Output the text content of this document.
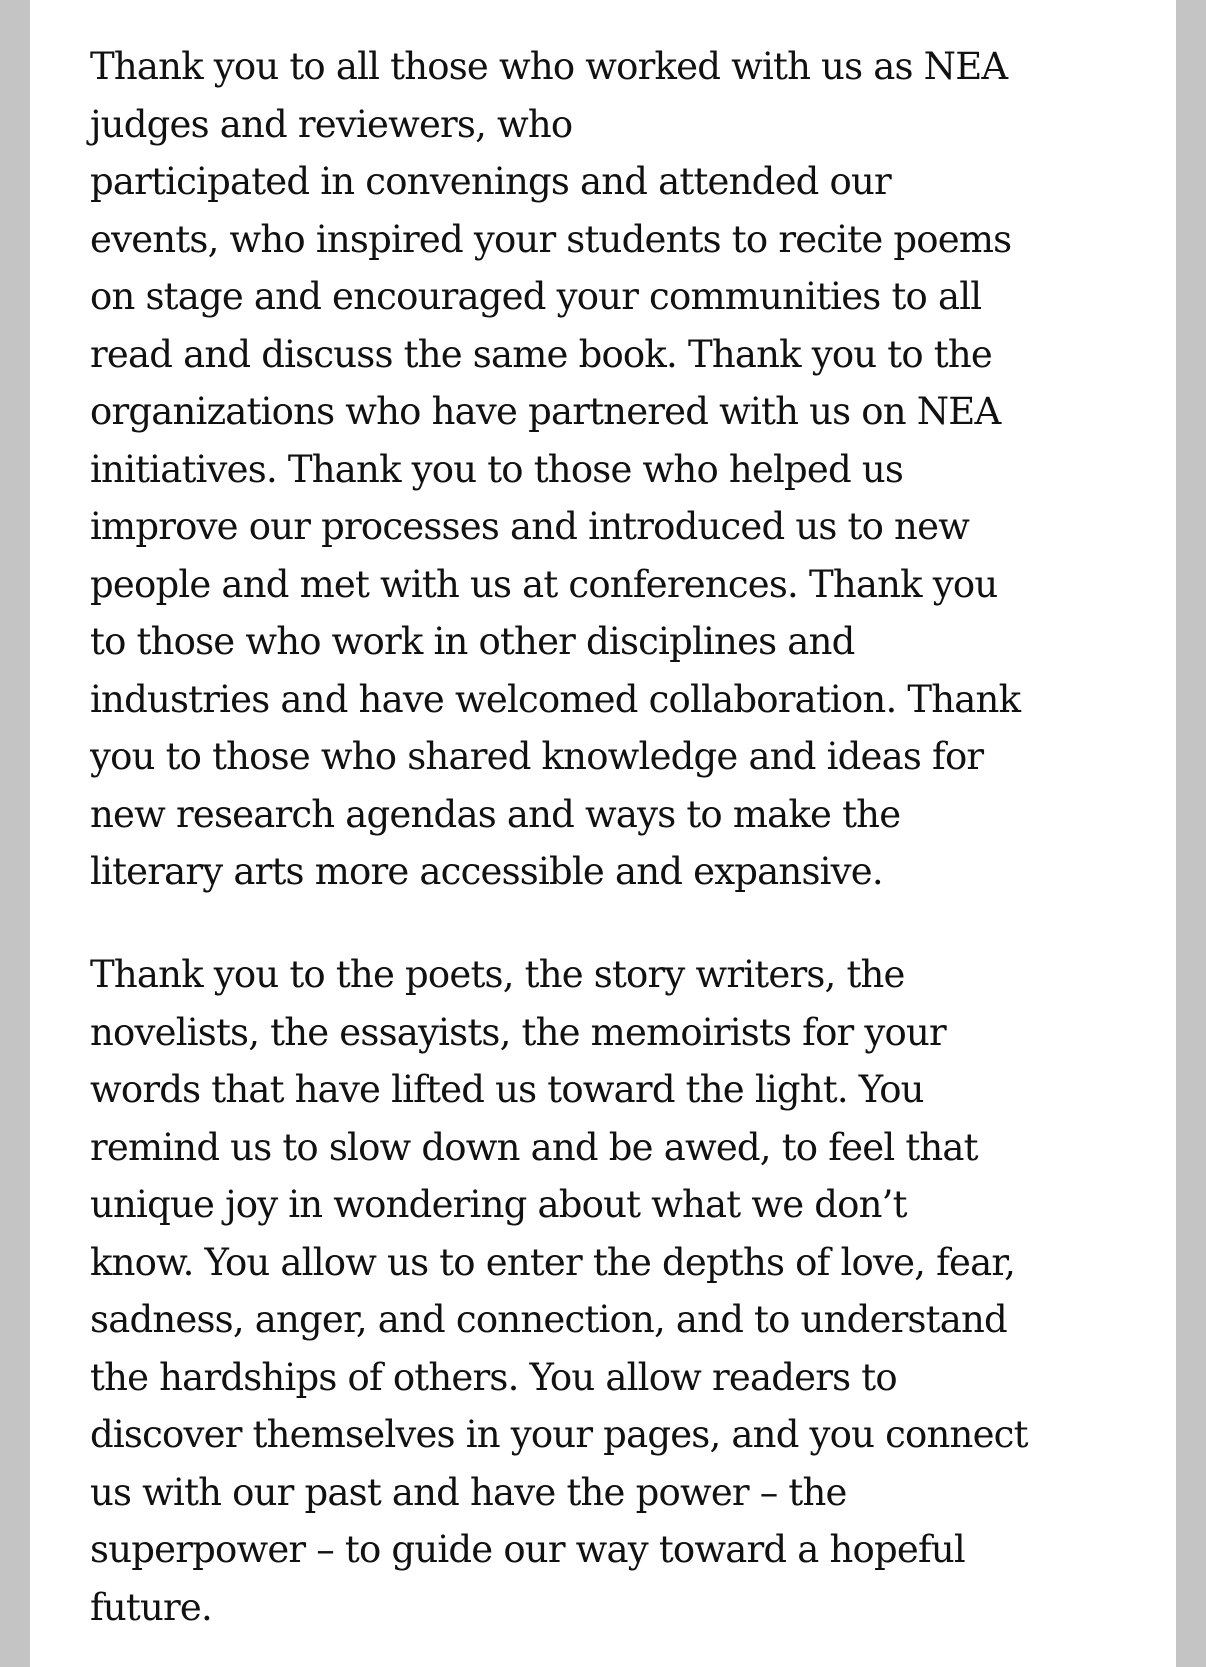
Thank you to all those who worked with us as NEA
judges and reviewers, who
participated in convenings and attended our
events, who inspired your students to recite poems
on stage and encouraged your communities to all
read and discuss the same book. Thank you to the
organizations who have partnered with us on NEA
initiatives. Thank you to those who helped us
improve our processes and introduced us to new
people and met with us at conferences. Thank you
to those who work in other disciplines and
industries and have welcomed collaboration. Thank
you to those who shared knowledge and ideas for
new research agendas and ways to make the
literary arts more accessible and expansive.
Thank you to the poets, the story writers, the
novelists, the essayists, the memoirists for your
words that have lifted us toward the light. You
remind us to slow down and be awed, to feel that
unique joy in wondering about what we don’t
know. You allow us to enter the depths of love, fear,
sadness, anger, and connection, and to understand
the hardships of others. You allow readers to
discover themselves in your pages, and you connect
us with our past and have the power – the
superpower – to guide our way toward a hopeful
future.
